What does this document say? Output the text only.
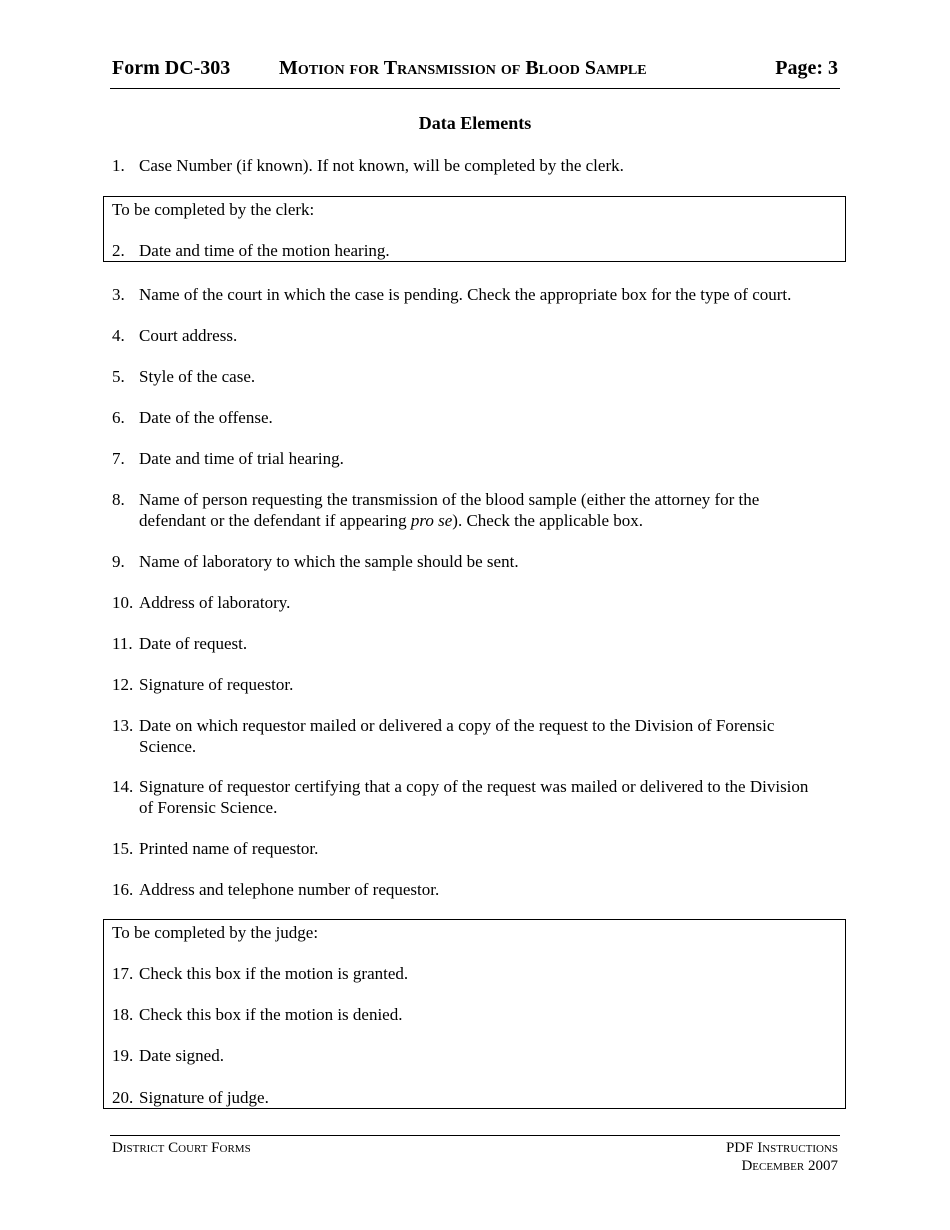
Form DC-303 Motion for Transmission of Blood Sample	Page: 3
Data Elements
1. Case Number (if known). If not known, will be completed by the clerk.
To be completed by the clerk:
2. Date and time of the motion hearing.
3. Name of the court in which the case is pending. Check the appropriate box for the type of court.
4. Court address.
5. Style of the case.
6. Date of the offense.
7. Date and time of trial hearing.
8. Name of person requesting the transmission of the blood sample (either the attorney for the defendant or the defendant if appearing pro se). Check the applicable box.
9. Name of laboratory to which the sample should be sent.
10. Address of laboratory.
11. Date of request.
12. Signature of requestor.
13. Date on which requestor mailed or delivered a copy of the request to the Division of Forensic Science.
14. Signature of requestor certifying that a copy of the request was mailed or delivered to the Division of Forensic Science.
15. Printed name of requestor.
16. Address and telephone number of requestor.
To be completed by the judge:
17. Check this box if the motion is granted.
18. Check this box if the motion is denied.
19. Date signed.
20. Signature of judge.
District Court Forms	PDF Instructions
December 2007
